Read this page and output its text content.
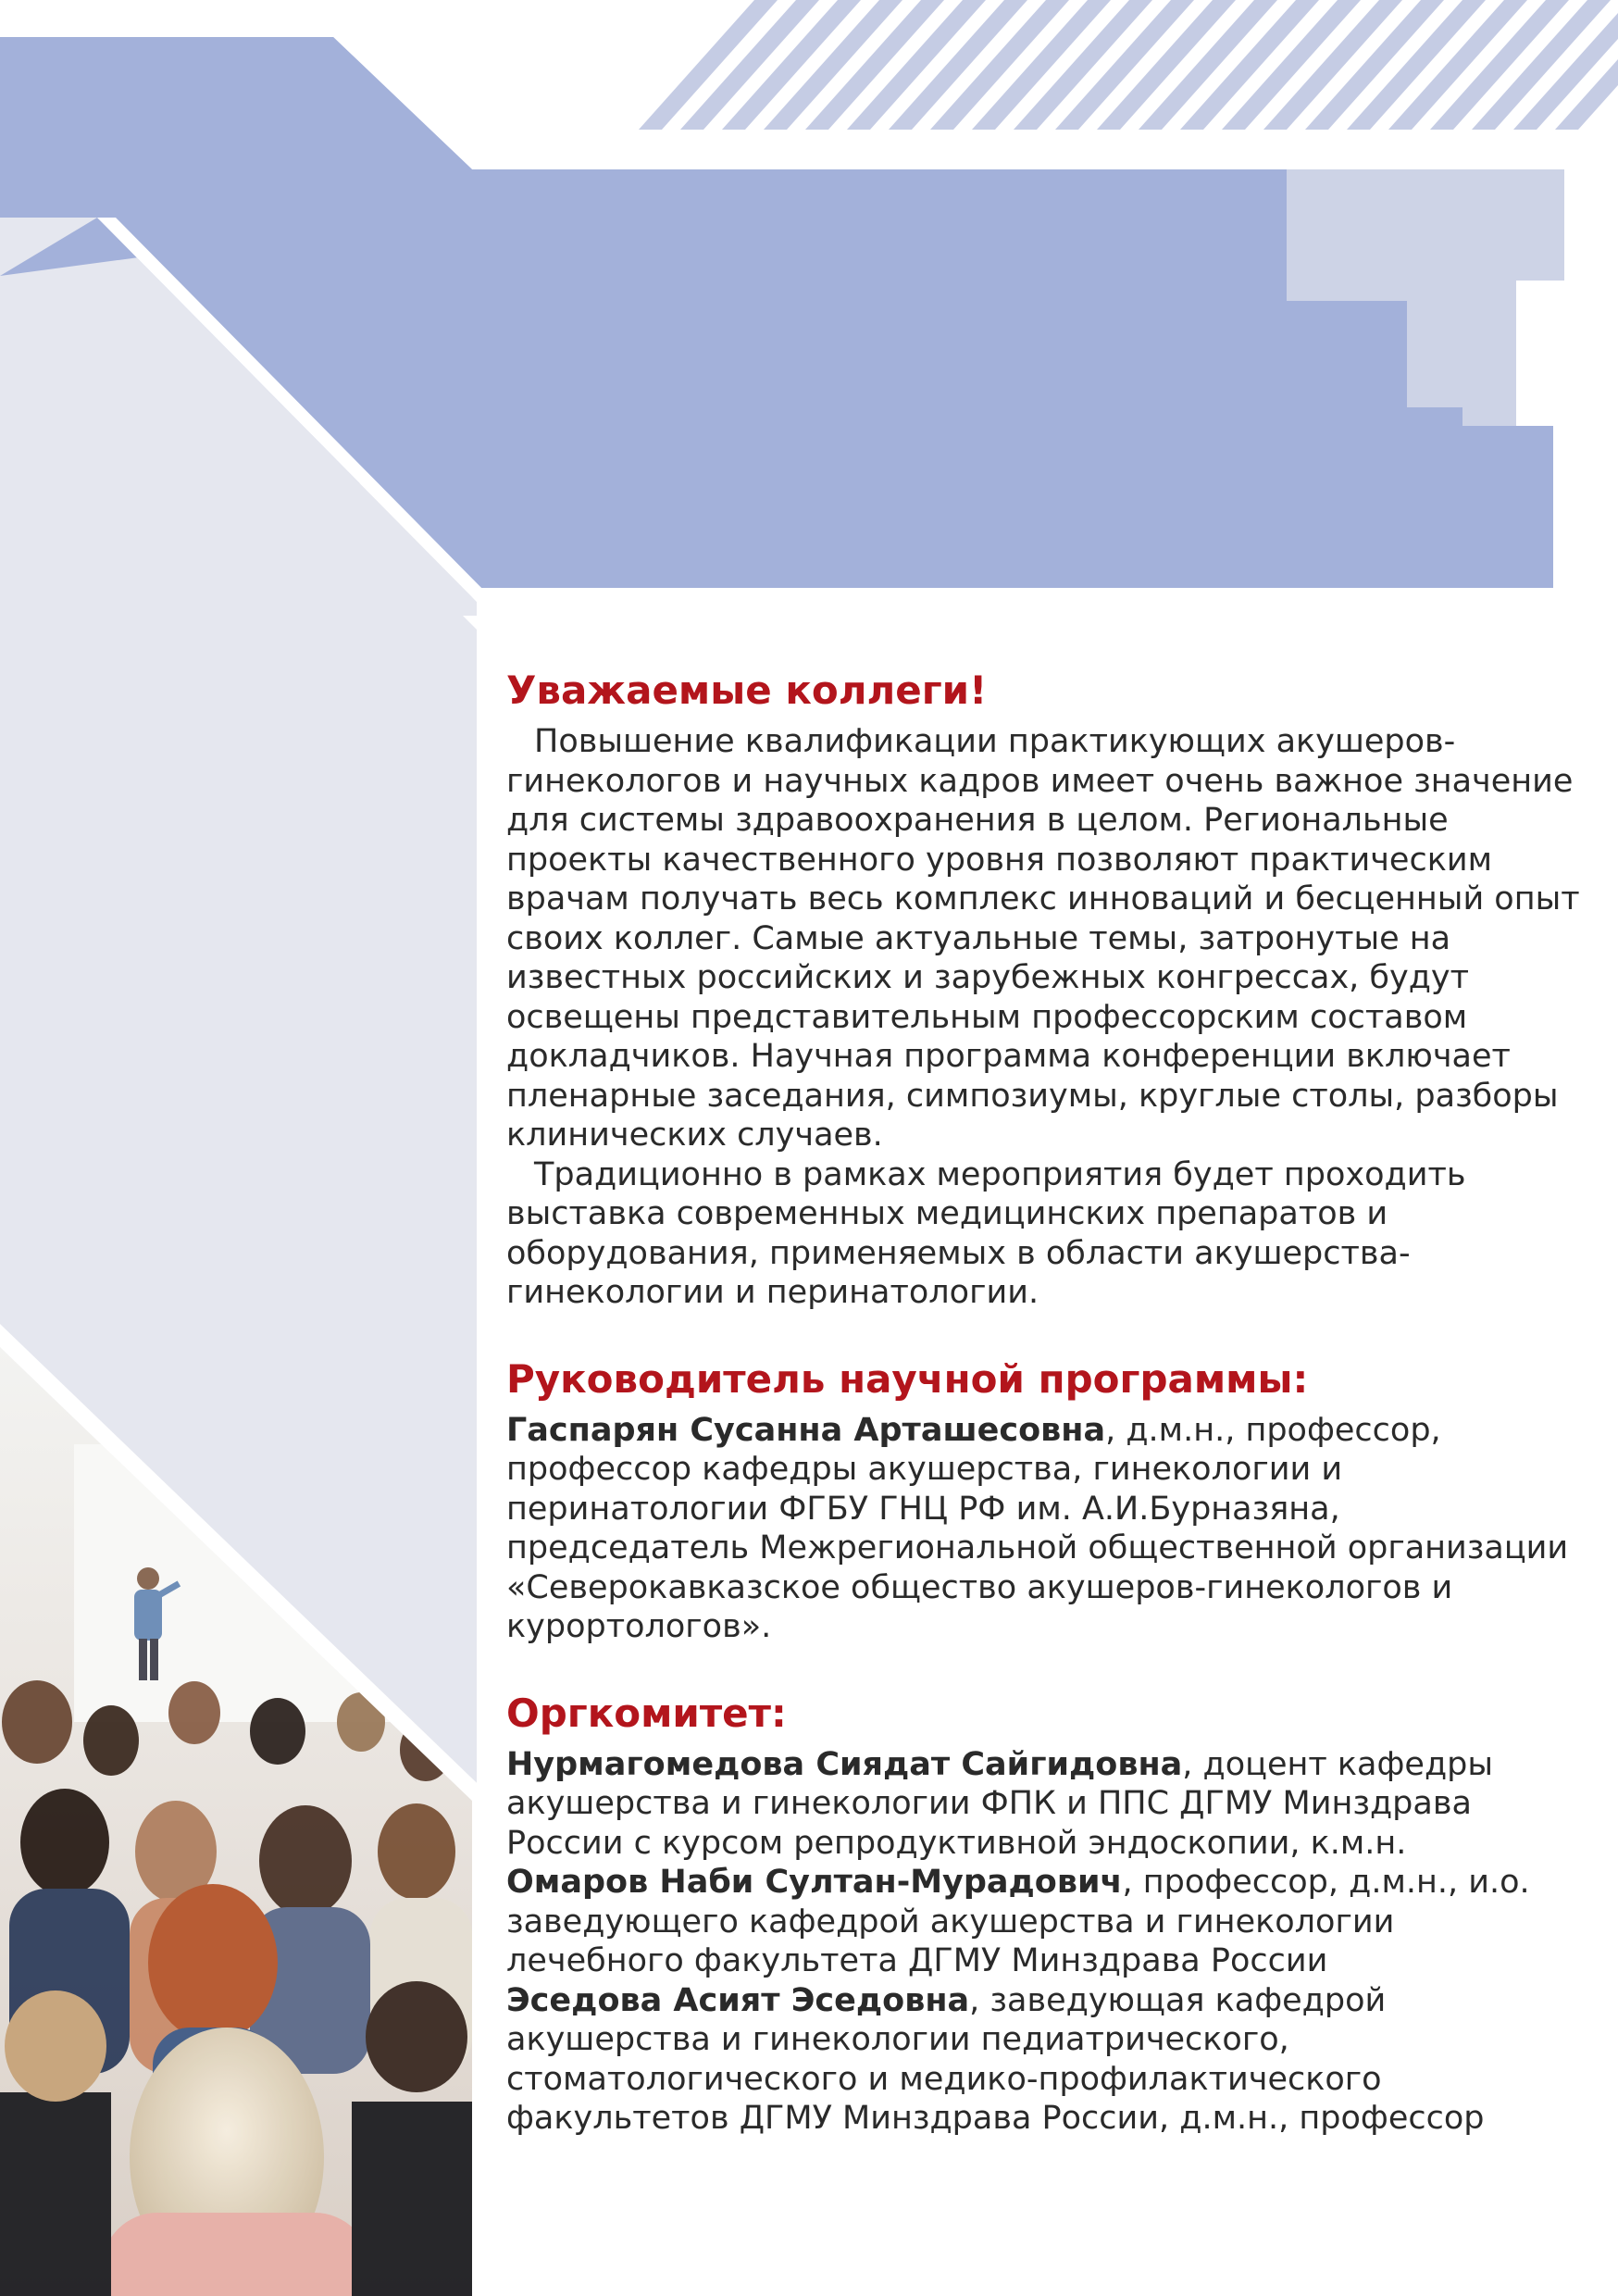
Уважаемые коллеги!

Повышение квалификации практикующих акушеров-гинекологов и научных кадров имеет очень важное значение для системы здравоохранения в целом. Региональные проекты качественного уровня позволяют практическим врачам получать весь комплекс инноваций и бесценный опыт своих коллег. Самые актуальные темы, затронутые на известных российских и зарубежных конгрессах, будут освещены представительным профессорским составом докладчиков. Научная программа конференции включает пленарные заседания, симпозиумы, круглые столы, разборы клинических случаев.

Традиционно в рамках мероприятия будет проходить выставка современных медицинских препаратов и оборудования, применяемых в области акушерства-гинекологии и перинатологии.

Руководитель научной программы:

Гаспарян Сусанна Арташесовна, д.м.н., профессор, профессор кафедры акушерства, гинекологии и перинатологии ФГБУ ГНЦ РФ им. А.И.Бурназяна, председатель Межрегиональной общественной организации «Северокавказское общество акушеров-гинекологов и курортологов».

Оргкомитет:

Нурмагомедова Сиядат Сайгидовна, доцент кафедры акушерства и гинекологии ФПК и ППС ДГМУ Минздрава России с курсом репродуктивной эндоскопии, к.м.н.

Омаров Наби Султан-Мурадович, профессор, д.м.н., и.о. заведующего кафедрой акушерства и гинекологии лечебного факультета ДГМУ Минздрава России

Эседова Асият Эседовна, заведующая кафедрой акушерства и гинекологии педиатрического, стоматологического и медико-профилактического факультетов ДГМУ Минздрава России, д.м.н., профессор
